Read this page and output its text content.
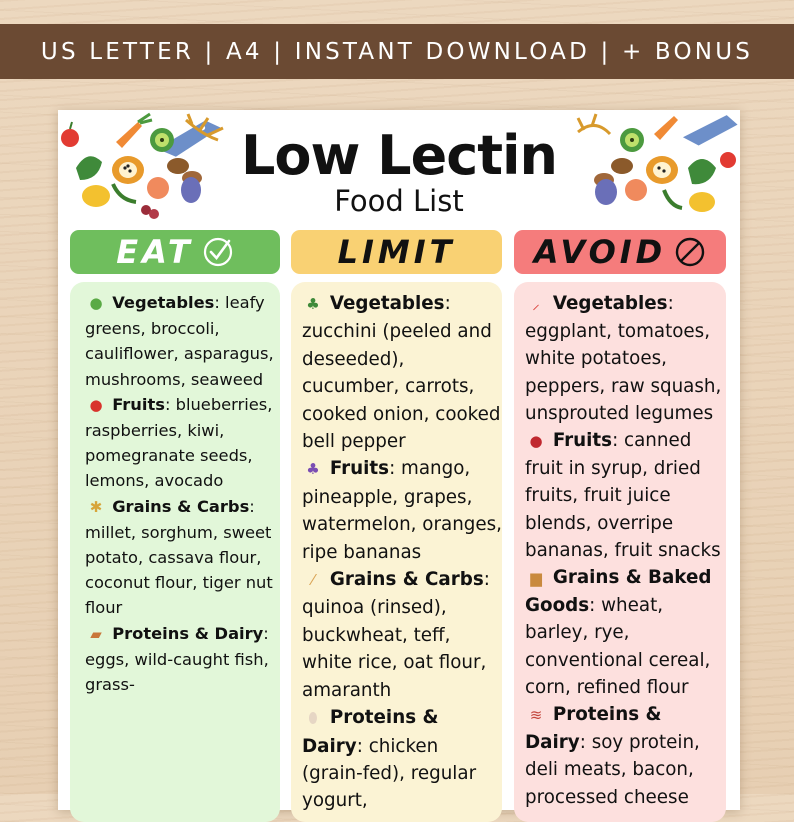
US LETTER | A4 | INSTANT DOWNLOAD | + BONUS
Low Lectin
Food List
EAT	LIMIT AVOID
● Vegetables: leafy greens, broccoli, cauliflower, asparagus, mushrooms, seaweed
● Fruits: blueberries, raspberries, kiwi, pomegranate seeds, lemons, avocado
✱ Grains & Carbs: millet, sorghum, sweet potato, cassava flour, coconut flour, tiger nut flour
▰ Proteins & Dairy: eggs, wild-caught fish, grass-
♣ Vegetables: zucchini (peeled and deseeded), cucumber, carrots, cooked onion, cooked bell pepper
♣ Fruits: mango, pineapple, grapes, watermelon, oranges, ripe bananas
⁄ Grains & Carbs: quinoa (rinsed), buckwheat, teff, white rice, oat flour, amaranth
⬮ Proteins & Dairy: chicken (grain-fed), regular yogurt,
⸝ Vegetables: eggplant, tomatoes, white potatoes, peppers, raw squash, unsprouted legumes
● Fruits: canned fruit in syrup, dried fruits, fruit juice blends, overripe bananas, fruit snacks
▆ Grains & Baked Goods: wheat, barley, rye, conventional cereal, corn, refined flour
≋ Proteins & Dairy: soy protein, deli meats, bacon, processed cheese
